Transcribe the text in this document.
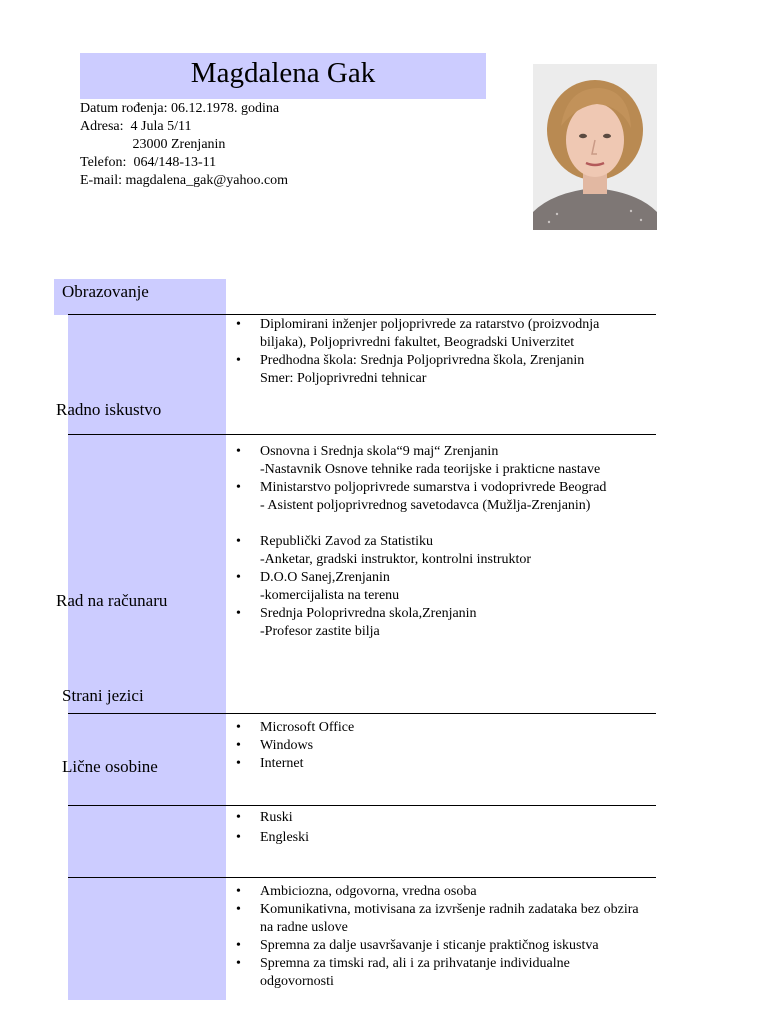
Magdalena Gak
Datum rođenja: 06.12.1978. godina
Adresa:  4 Jula 5/11
23000 Zrenjanin
Telefon:  064/148-13-11
E-mail: magdalena_gak@yahoo.com
Obrazovanje
Radno iskustvo
Rad na računaru
Strani jezici
Lične osobine
• Diplomirani inženjer poljoprivrede za ratarstvo (proizvodnja biljaka), Poljoprivredni fakultet, Beogradski Univerzitet
• Predhodna škola: Srednja Poljoprivredna škola, Zrenjanin
Smer: Poljoprivredni tehnicar
• Osnovna i Srednja skola“9 maj“ Zrenjanin
-Nastavnik Osnove tehnike rada teorijske i prakticne nastave
• Ministarstvo poljoprivrede sumarstva i vodoprivrede Beograd
- Asistent poljoprivrednog savetodavca (Mužlja-Zrenjanin)
• Republički Zavod za Statistiku
-Anketar, gradski instruktor, kontrolni instruktor
• D.O.O Sanej,Zrenjanin
-komercijalista na terenu
• Srednja Poloprivredna skola,Zrenjanin
-Profesor zastite bilja
• Microsoft Office
• Windows
• Internet
• Ruski
• Engleski
• Ambiciozna, odgovorna, vredna osoba
• Komunikativna, motivisana za izvršenje radnih zadataka bez obzira na radne uslove
• Spremna za dalje usavršavanje i sticanje praktičnog iskustva
• Spremna za timski rad, ali i za prihvatanje individualne odgovornosti
